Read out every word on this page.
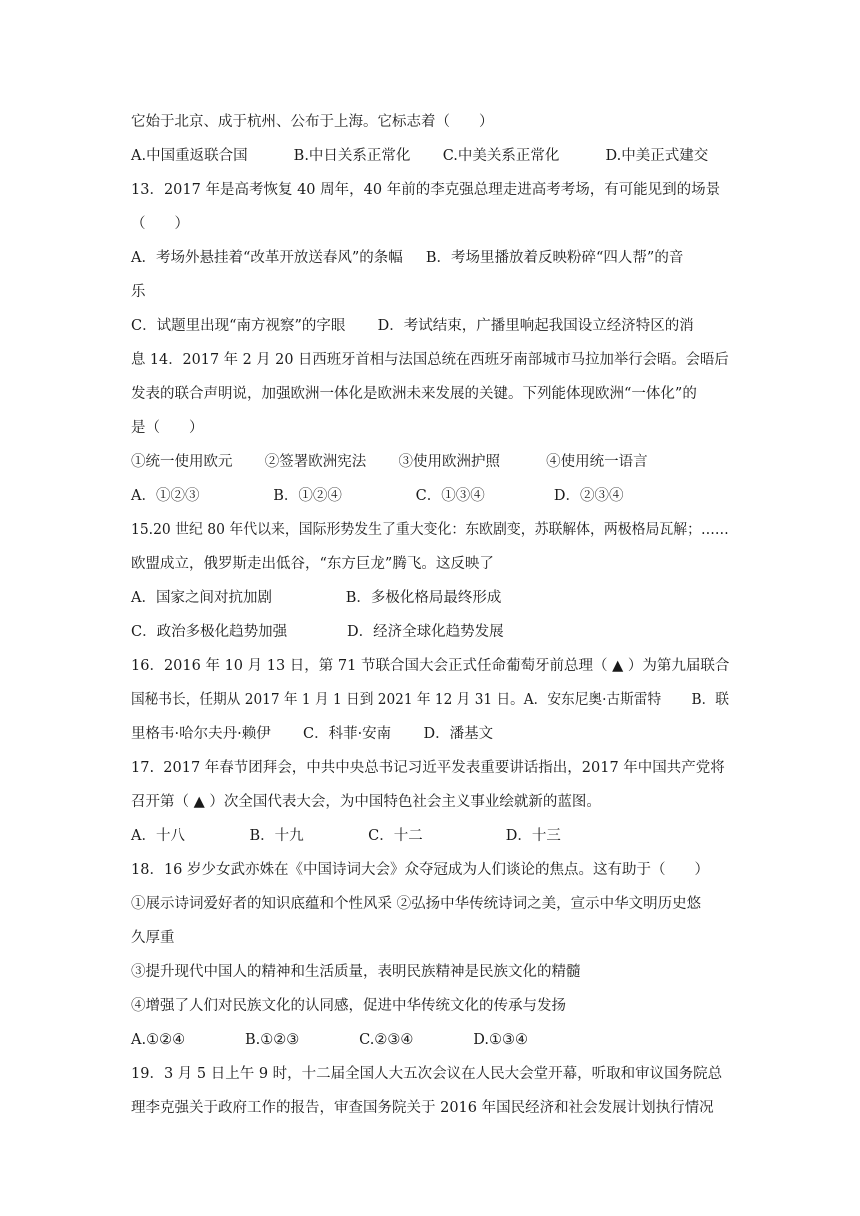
它始于北京、成于杭州、公布于上海。它标志着（　　）
A.中国重返联合国          B.中日关系正常化       C.中美关系正常化          D.中美正式建交
13．2017 年是高考恢复 40 周年，40 年前的李克强总理走进高考考场，有可能见到的场景
（　　）
A．考场外悬挂着“改革开放送春风”的条幅     B．考场里播放着反映粉碎“四人帮”的音
乐
C．试题里出现“南方视察”的字眼       D．考试结束，广播里响起我国设立经济特区的消
息 14．2017 年 2 月 20 日西班牙首相与法国总统在西班牙南部城市马拉加举行会晤。会晤后
发表的联合声明说，加强欧洲一体化是欧洲未来发展的关键。下列能体现欧洲“一体化”的
是（　　）
①统一使用欧元       ②签署欧洲宪法       ③使用欧洲护照          ④使用统一语言
A．①②③                B．①②④                C．①③④               D．②③④
15.20 世纪 80 年代以来，国际形势发生了重大变化：东欧剧变，苏联解体，两极格局瓦解；……
欧盟成立，俄罗斯走出低谷，“东方巨龙”腾飞。这反映了
A．国家之间对抗加剧                B．多极化格局最终形成
C．政治多极化趋势加强             D．经济全球化趋势发展
16．2016 年 10 月 13 日，第 71 节联合国大会正式任命葡萄牙前总理（ ▲ ）为第九届联合
国秘书长，任期从 2017 年 1 月 1 日到 2021 年 12 月 31 日。A．安东尼奥·古斯雷特       B．联
里格韦·哈尔夫丹·赖伊       C．科菲·安南       D．潘基文
17.  2017 年春节团拜会，中共中央总书记习近平发表重要讲话指出，2017 年中国共产党将
召开第（ ▲ ）次全国代表大会，为中国特色社会主义事业绘就新的蓝图。
A．十八              B．十九              C．十二                  D．十三
18．16 岁少女武亦姝在《中国诗词大会》众夺冠成为人们谈论的焦点。这有助于（　　）
①展示诗词爱好者的知识底蕴和个性风采 ②弘扬中华传统诗词之美，宣示中华文明历史悠
久厚重
③提升现代中国人的精神和生活质量，表明民族精神是民族文化的精髓
④增强了人们对民族文化的认同感，促进中华传统文化的传承与发扬
A.①②④             B.①②③             C.②③④             D.①③④
19．3 月 5 日上午 9 时，十二届全国人大五次会议在人民大会堂开幕，听取和审议国务院总
理李克强关于政府工作的报告，审查国务院关于 2016 年国民经济和社会发展计划执行情况
